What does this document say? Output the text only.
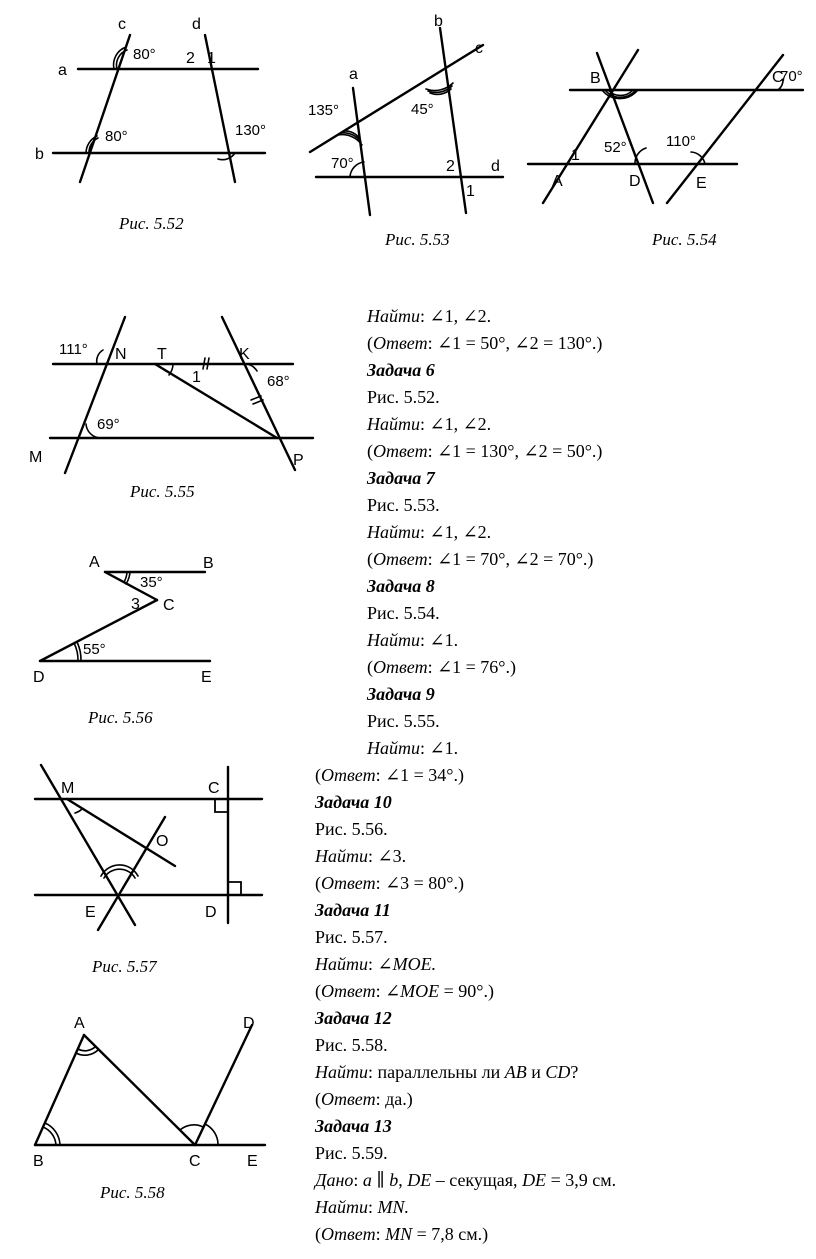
a
b
c	d
80°
80°	130°
2 1
Рис. 5.52
a
b
c
d
135°	45°
70°	2
1
Рис. 5.53
B	C
A	D	E
70°
52°	110°
1
Рис. 5.54
N T	K
M	P
111°
69°
68°
1
Рис. 5.55
A	B
C
D	E
35°
55°
3
Рис. 5.56
M	C
O
E	D
Рис. 5.57
A
B	C
D
E
Рис. 5.58
Найти: ∠1, ∠2.
(Ответ: ∠1 = 50°, ∠2 = 130°.)
Задача 6
Рис. 5.52.
Найти: ∠1, ∠2.
(Ответ: ∠1 = 130°, ∠2 = 50°.)
Задача 7
Рис. 5.53.
Найти: ∠1, ∠2.
(Ответ: ∠1 = 70°, ∠2 = 70°.)
Задача 8
Рис. 5.54.
Найти: ∠1.
(Ответ: ∠1 = 76°.)
Задача 9
Рис. 5.55.
Найти: ∠1.
(Ответ: ∠1 = 34°.)
Задача 10
Рис. 5.56.
Найти: ∠3.
(Ответ: ∠3 = 80°.)
Задача 11
Рис. 5.57.
Найти: ∠MOE.
(Ответ: ∠MOE = 90°.)
Задача 12
Рис. 5.58.
Найти: параллельны ли AB и CD?
(Ответ: да.)
Задача 13
Рис. 5.59.
Дано: a ∥ b, DE – секущая, DE = 3,9 см.
Найти: MN.
(Ответ: MN = 7,8 см.)
